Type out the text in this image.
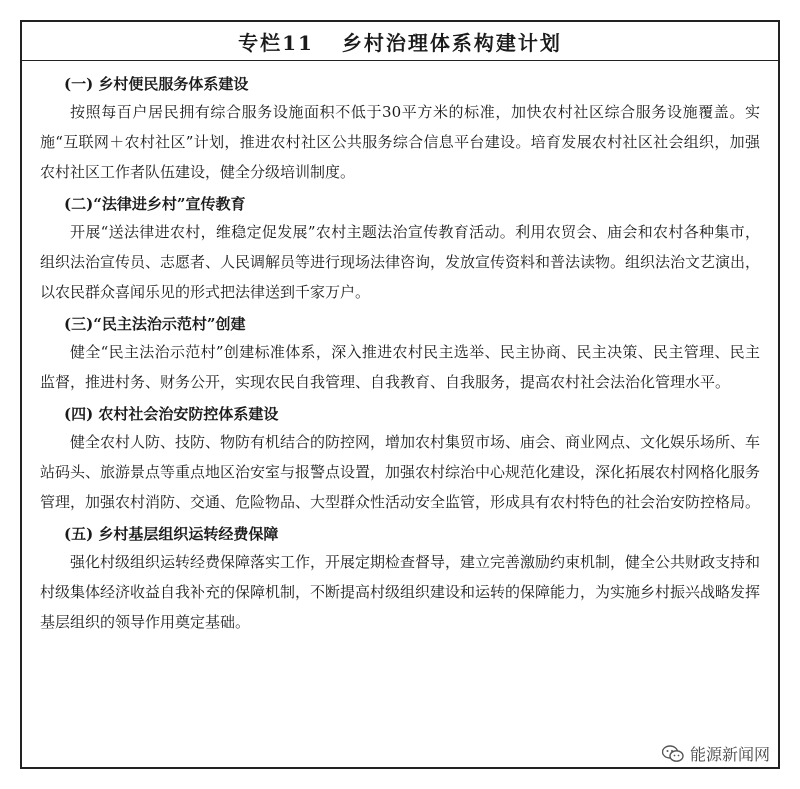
专栏11 乡村治理体系构建计划
(一) 乡村便民服务体系建设

按照每百户居民拥有综合服务设施面积不低于30平方米的标准，加快农村社区综合服务设施覆盖。实施“互联网＋农村社区”计划，推进农村社区公共服务综合信息平台建设。培育发展农村社区社会组织，加强农村社区工作者队伍建设，健全分级培训制度。

(二)“法律进乡村”宣传教育

开展“送法律进农村，维稳定促发展”农村主题法治宣传教育活动。利用农贸会、庙会和农村各种集市，组织法治宣传员、志愿者、人民调解员等进行现场法律咨询，发放宣传资料和普法读物。组织法治文艺演出，以农民群众喜闻乐见的形式把法律送到千家万户。

(三)“民主法治示范村”创建

健全“民主法治示范村”创建标准体系，深入推进农村民主选举、民主协商、民主决策、民主管理、民主监督，推进村务、财务公开，实现农民自我管理、自我教育、自我服务，提高农村社会法治化管理水平。

(四) 农村社会治安防控体系建设

健全农村人防、技防、物防有机结合的防控网，增加农村集贸市场、庙会、商业网点、文化娱乐场所、车站码头、旅游景点等重点地区治安室与报警点设置，加强农村综治中心规范化建设，深化拓展农村网格化服务管理，加强农村消防、交通、危险物品、大型群众性活动安全监管，形成具有农村特色的社会治安防控格局。

(五) 乡村基层组织运转经费保障

强化村级组织运转经费保障落实工作，开展定期检查督导，建立完善激励约束机制，健全公共财政支持和村级集体经济收益自我补充的保障机制，不断提高村级组织建设和运转的保障能力，为实施乡村振兴战略发挥基层组织的领导作用奠定基础。

能源新闻网
